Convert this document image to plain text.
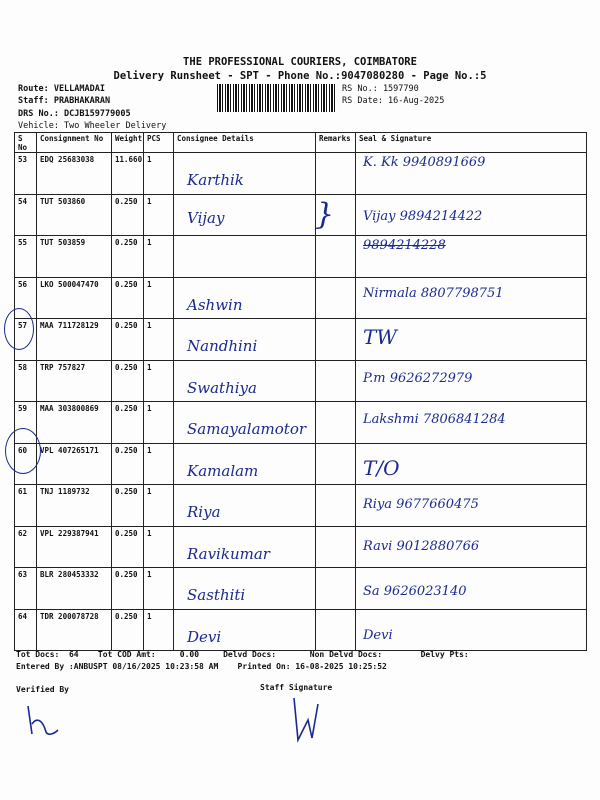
THE PROFESSIONAL COURIERS, COIMBATORE
Delivery Runsheet - SPT - Phone No.:9047080280 - Page No.:5
Route: VELLAMADAI
Staff: PRABHAKARAN
DRS No.: DCJB159779005
Vehicle: Two Wheeler Delivery
RS No.: 1597790
RS Date: 16-Aug-2025
S No	Consignment No	Weight	PCS	Consignee Details	Remarks	Seal & Signature
53	EDQ 25683038	11.660	1	Karthik		K. Kk 9940891669
54	TUT 503860	0.250	1	Vijay	}	Vijay 9894214422
55	TUT 503859	0.250	1			9894214228
56	LKO 500047470	0.250	1	Ashwin		Nirmala 8807798751
57	MAA 711728129	0.250	1	Nandhini		TW
58	TRP 757827	0.250	1	Swathiya		P.m 9626272979
59	MAA 303800869	0.250	1	Samayalamotor		Lakshmi 7806841284
60	VPL 407265171	0.250	1	Kamalam		T/O
61	TNJ 1189732	0.250	1	Riya		Riya 9677660475
62	VPL 229387941	0.250	1	Ravikumar		Ravi 9012880766
63	BLR 280453332	0.250	1	Sasthiti		Sa 9626023140
64	TDR 200078728	0.250	1	Devi		Devi
Tot Docs:  64    Tot COD Amt:     0.00     Delvd Docs:       Non Delvd Docs:        Delvy Pts:
Entered By :ANBUSPT 08/16/2025 10:23:58 AM    Printed On: 16-08-2025 10:25:52
Verified By	Staff Signature
